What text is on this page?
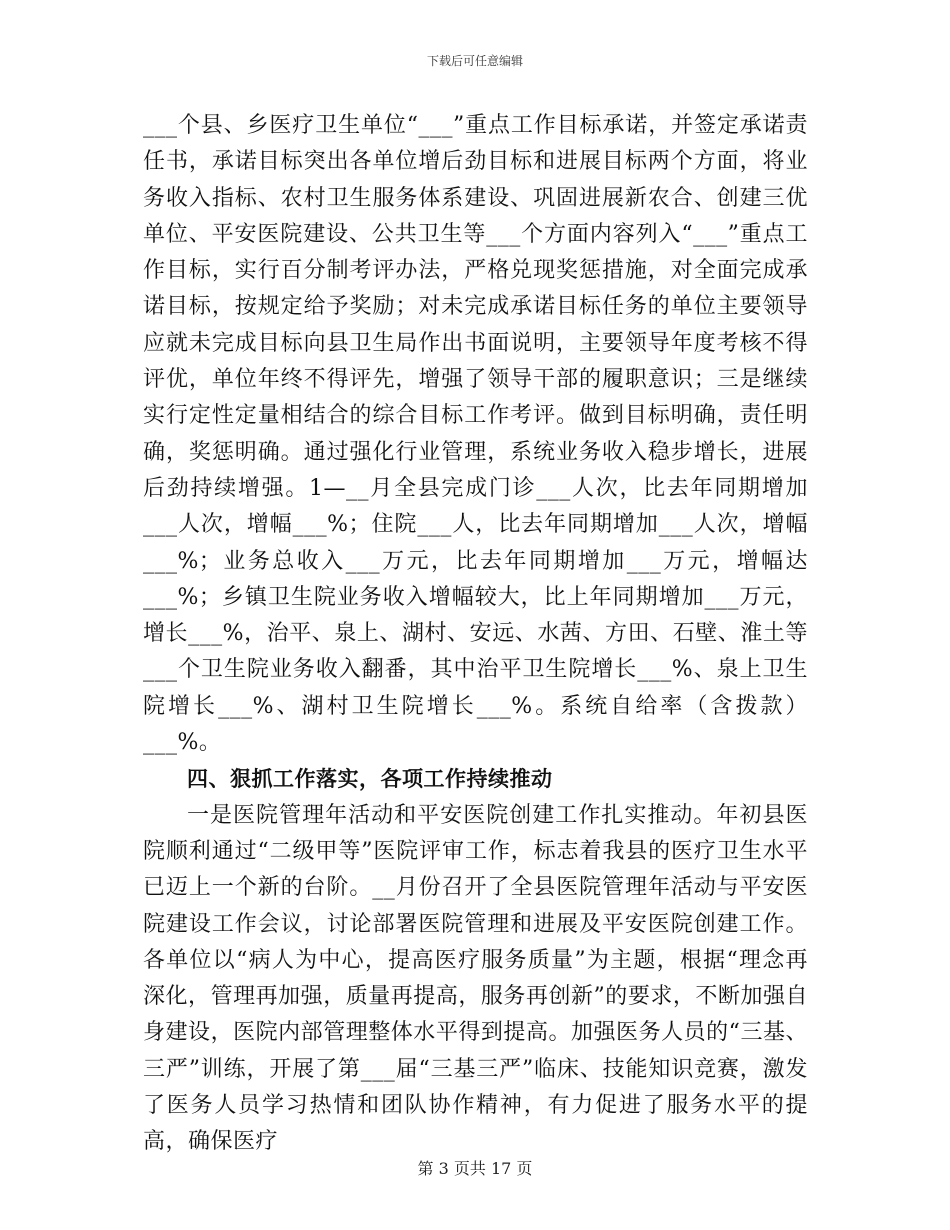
下载后可任意编辑

___个县、乡医疗卫生单位“___”重点工作目标承诺，并签定承诺责任书，承诺目标突出各单位增后劲目标和进展目标两个方面，将业务收入指标、农村卫生服务体系建设、巩固进展新农合、创建三优单位、平安医院建设、公共卫生等___个方面内容列入“___”重点工作目标，实行百分制考评办法，严格兑现奖惩措施，对全面完成承诺目标，按规定给予奖励；对未完成承诺目标任务的单位主要领导应就未完成目标向县卫生局作出书面说明，主要领导年度考核不得评优，单位年终不得评先，增强了领导干部的履职意识；三是继续实行定性定量相结合的综合目标工作考评。做到目标明确，责任明确，奖惩明确。通过强化行业管理，系统业务收入稳步增长，进展后劲持续增强。1—__月全县完成门诊___人次，比去年同期增加___人次，增幅___%；住院___人，比去年同期增加___人次，增幅___%；业务总收入___万元，比去年同期增加___万元，增幅达___%；乡镇卫生院业务收入增幅较大，比上年同期增加___万元，增长___%，治平、泉上、湖村、安远、水茜、方田、石壁、淮土等___个卫生院业务收入翻番，其中治平卫生院增长___%、泉上卫生院增长___%、湖村卫生院增长___%。系统自给率（含拨款）___%。

四、狠抓工作落实，各项工作持续推动

一是医院管理年活动和平安医院创建工作扎实推动。年初县医院顺利通过“二级甲等”医院评审工作，标志着我县的医疗卫生水平已迈上一个新的台阶。__月份召开了全县医院管理年活动与平安医院建设工作会议，讨论部署医院管理和进展及平安医院创建工作。各单位以“病人为中心，提高医疗服务质量”为主题，根据“理念再深化，管理再加强，质量再提高，服务再创新”的要求，不断加强自身建设，医院内部管理整体水平得到提高。加强医务人员的“三基、三严”训练，开展了第___届“三基三严”临床、技能知识竞赛，激发了医务人员学习热情和团队协作精神，有力促进了服务水平的提高，确保医疗

第 3 页共 17 页
